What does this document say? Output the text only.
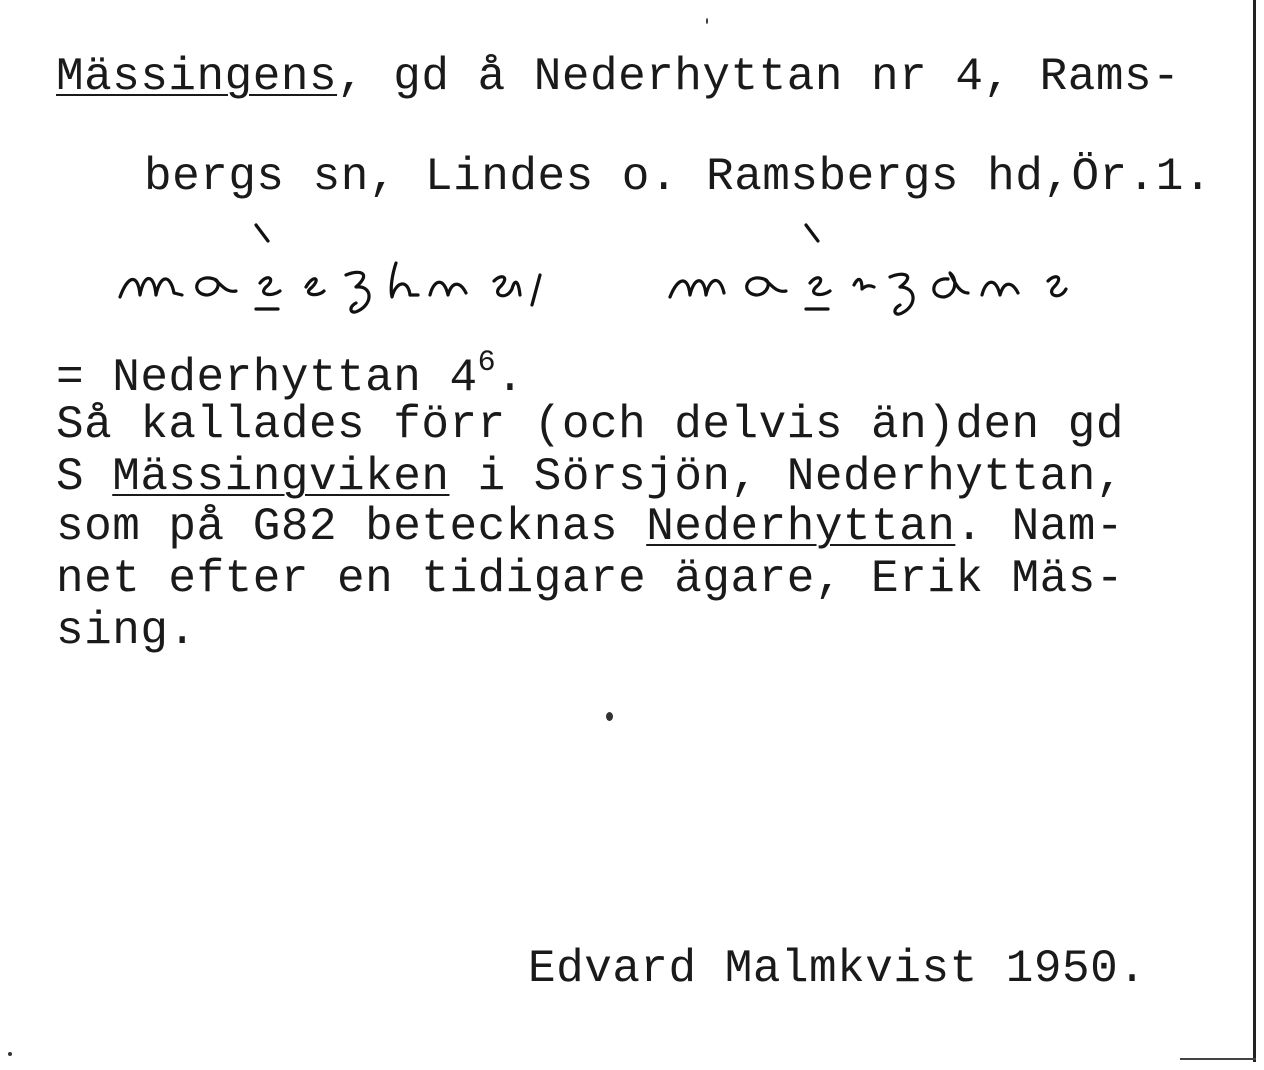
Mässingens, gd å Nederhyttan nr 4, Rams-
bergs sn, Lindes o. Ramsbergs hd,Ör.1.
= Nederhyttan $4^6$.
Så kallades förr (och delvis än)den gd
S Mässingviken i Sörsjön, Nederhyttan,
som på G82 betecknas Nederhyttan. Nam-
net efter en tidigare ägare, Erik Mäs-
sing.
Edvard Malmkvist 1950.
